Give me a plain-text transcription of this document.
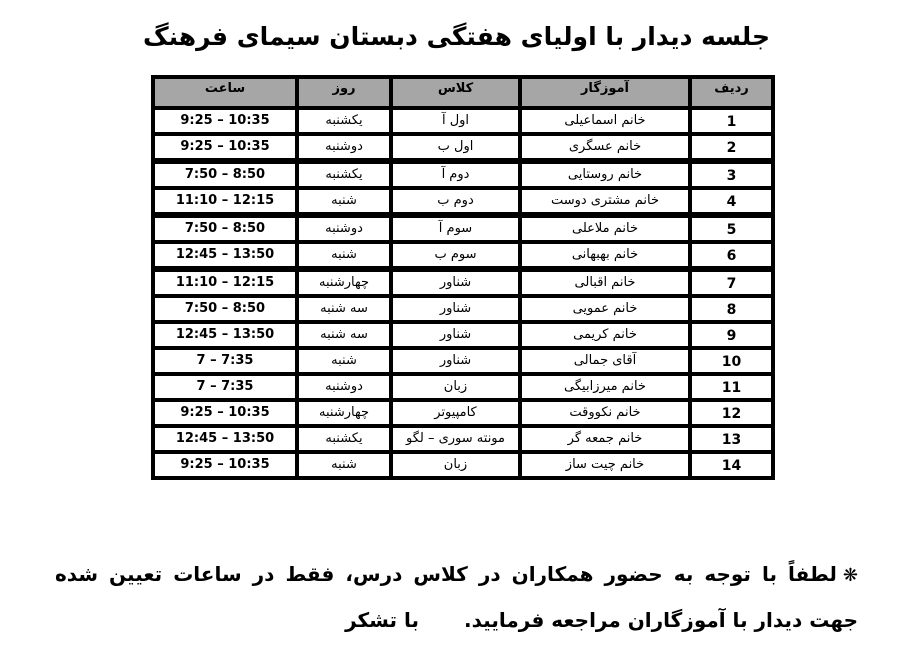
جلسه دیدار با اولیای هفتگی دبستان سیمای فرهنگ
ردیف	آموزگار	کلاس	روز	ساعت
1	خانم اسماعیلی	اول آ	یکشنبه	9:25 – 10:35
2	خانم عسگری	اول ب	دوشنبه	9:25 – 10:35
3	خانم روستایی	دوم آ	یکشنبه	7:50 – 8:50
4	خانم مشتری دوست	دوم ب	شنبه	11:10 – 12:15
5	خانم ملاعلی	سوم آ	دوشنبه	7:50 – 8:50
6	خانم بهبهانی	سوم ب	شنبه	12:45 – 13:50
7	خانم اقبالی	شناور	چهارشنبه	11:10 – 12:15
8	خانم عمویی	شناور	سه شنبه	7:50 – 8:50
9	خانم کریمی	شناور	سه شنبه	12:45 – 13:50
10	آقای جمالی	شناور	شنبه	7 – 7:35
11	خانم میرزابیگی	زبان	دوشنبه	7 – 7:35
12	خانم نکووقت	کامپیوتر	چهارشنبه	9:25 – 10:35
13	خانم جمعه گر	مونته سوری – لگو	یکشنبه	12:45 – 13:50
14	خانم چیت ساز	زبان	شنبه	9:25 – 10:35

❋لطفاً با توجه به حضور همکاران در کلاس درس، فقط در ساعات تعیین شده جهت دیدار با آموزگاران مراجعه فرمایید.با تشکر
